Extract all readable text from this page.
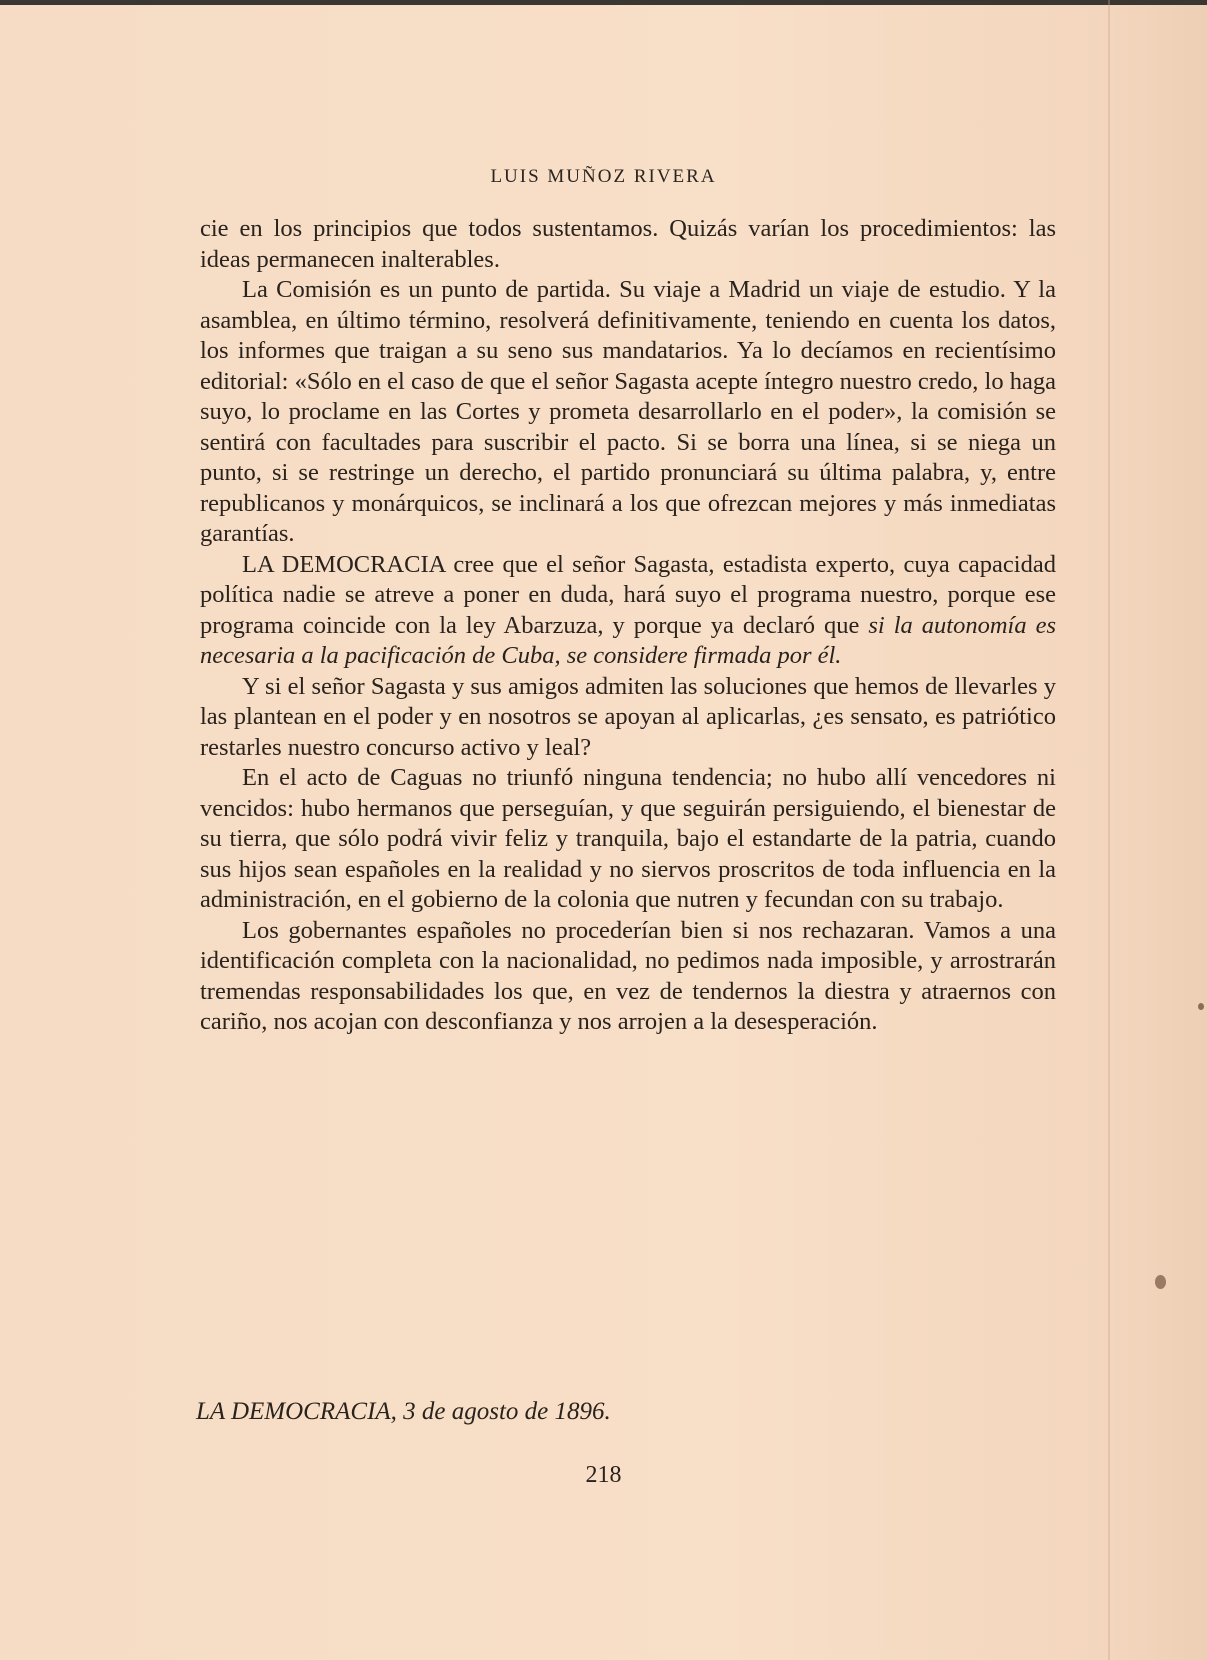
LUIS MUÑOZ RIVERA

cie en los principios que todos sustentamos. Quizás varían los procedimientos: las ideas permanecen inalterables.

La Comisión es un punto de partida. Su viaje a Madrid un viaje de estudio. Y la asamblea, en último término, resolverá definitivamente, teniendo en cuenta los datos, los informes que traigan a su seno sus mandatarios. Ya lo decíamos en recientísimo editorial: «Sólo en el caso de que el señor Sagasta acepte íntegro nuestro credo, lo haga suyo, lo proclame en las Cortes y prometa desarrollarlo en el poder», la comisión se sentirá con facultades para suscribir el pacto. Si se borra una línea, si se niega un punto, si se restringe un derecho, el partido pronunciará su última palabra, y, entre republicanos y monárquicos, se inclinará a los que ofrezcan mejores y más inmediatas garantías.

LA DEMOCRACIA cree que el señor Sagasta, estadista experto, cuya capacidad política nadie se atreve a poner en duda, hará suyo el programa nuestro, porque ese programa coincide con la ley Abarzuza, y porque ya declaró que si la autonomía es necesaria a la pacificación de Cuba, se considere firmada por él.

Y si el señor Sagasta y sus amigos admiten las soluciones que hemos de llevarles y las plantean en el poder y en nosotros se apoyan al aplicarlas, ¿es sensato, es patriótico restarles nuestro concurso activo y leal?

En el acto de Caguas no triunfó ninguna tendencia; no hubo allí vencedores ni vencidos: hubo hermanos que perseguían, y que seguirán persiguiendo, el bienestar de su tierra, que sólo podrá vivir feliz y tranquila, bajo el estandarte de la patria, cuando sus hijos sean españoles en la realidad y no siervos proscritos de toda influencia en la administración, en el gobierno de la colonia que nutren y fecundan con su trabajo.

Los gobernantes españoles no procederían bien si nos rechazaran. Vamos a una identificación completa con la nacionalidad, no pedimos nada imposible, y arrostrarán tremendas responsabilidades los que, en vez de tendernos la diestra y atraernos con cariño, nos acojan con desconfianza y nos arrojen a la desesperación.

LA DEMOCRACIA, 3 de agosto de 1896.
218
